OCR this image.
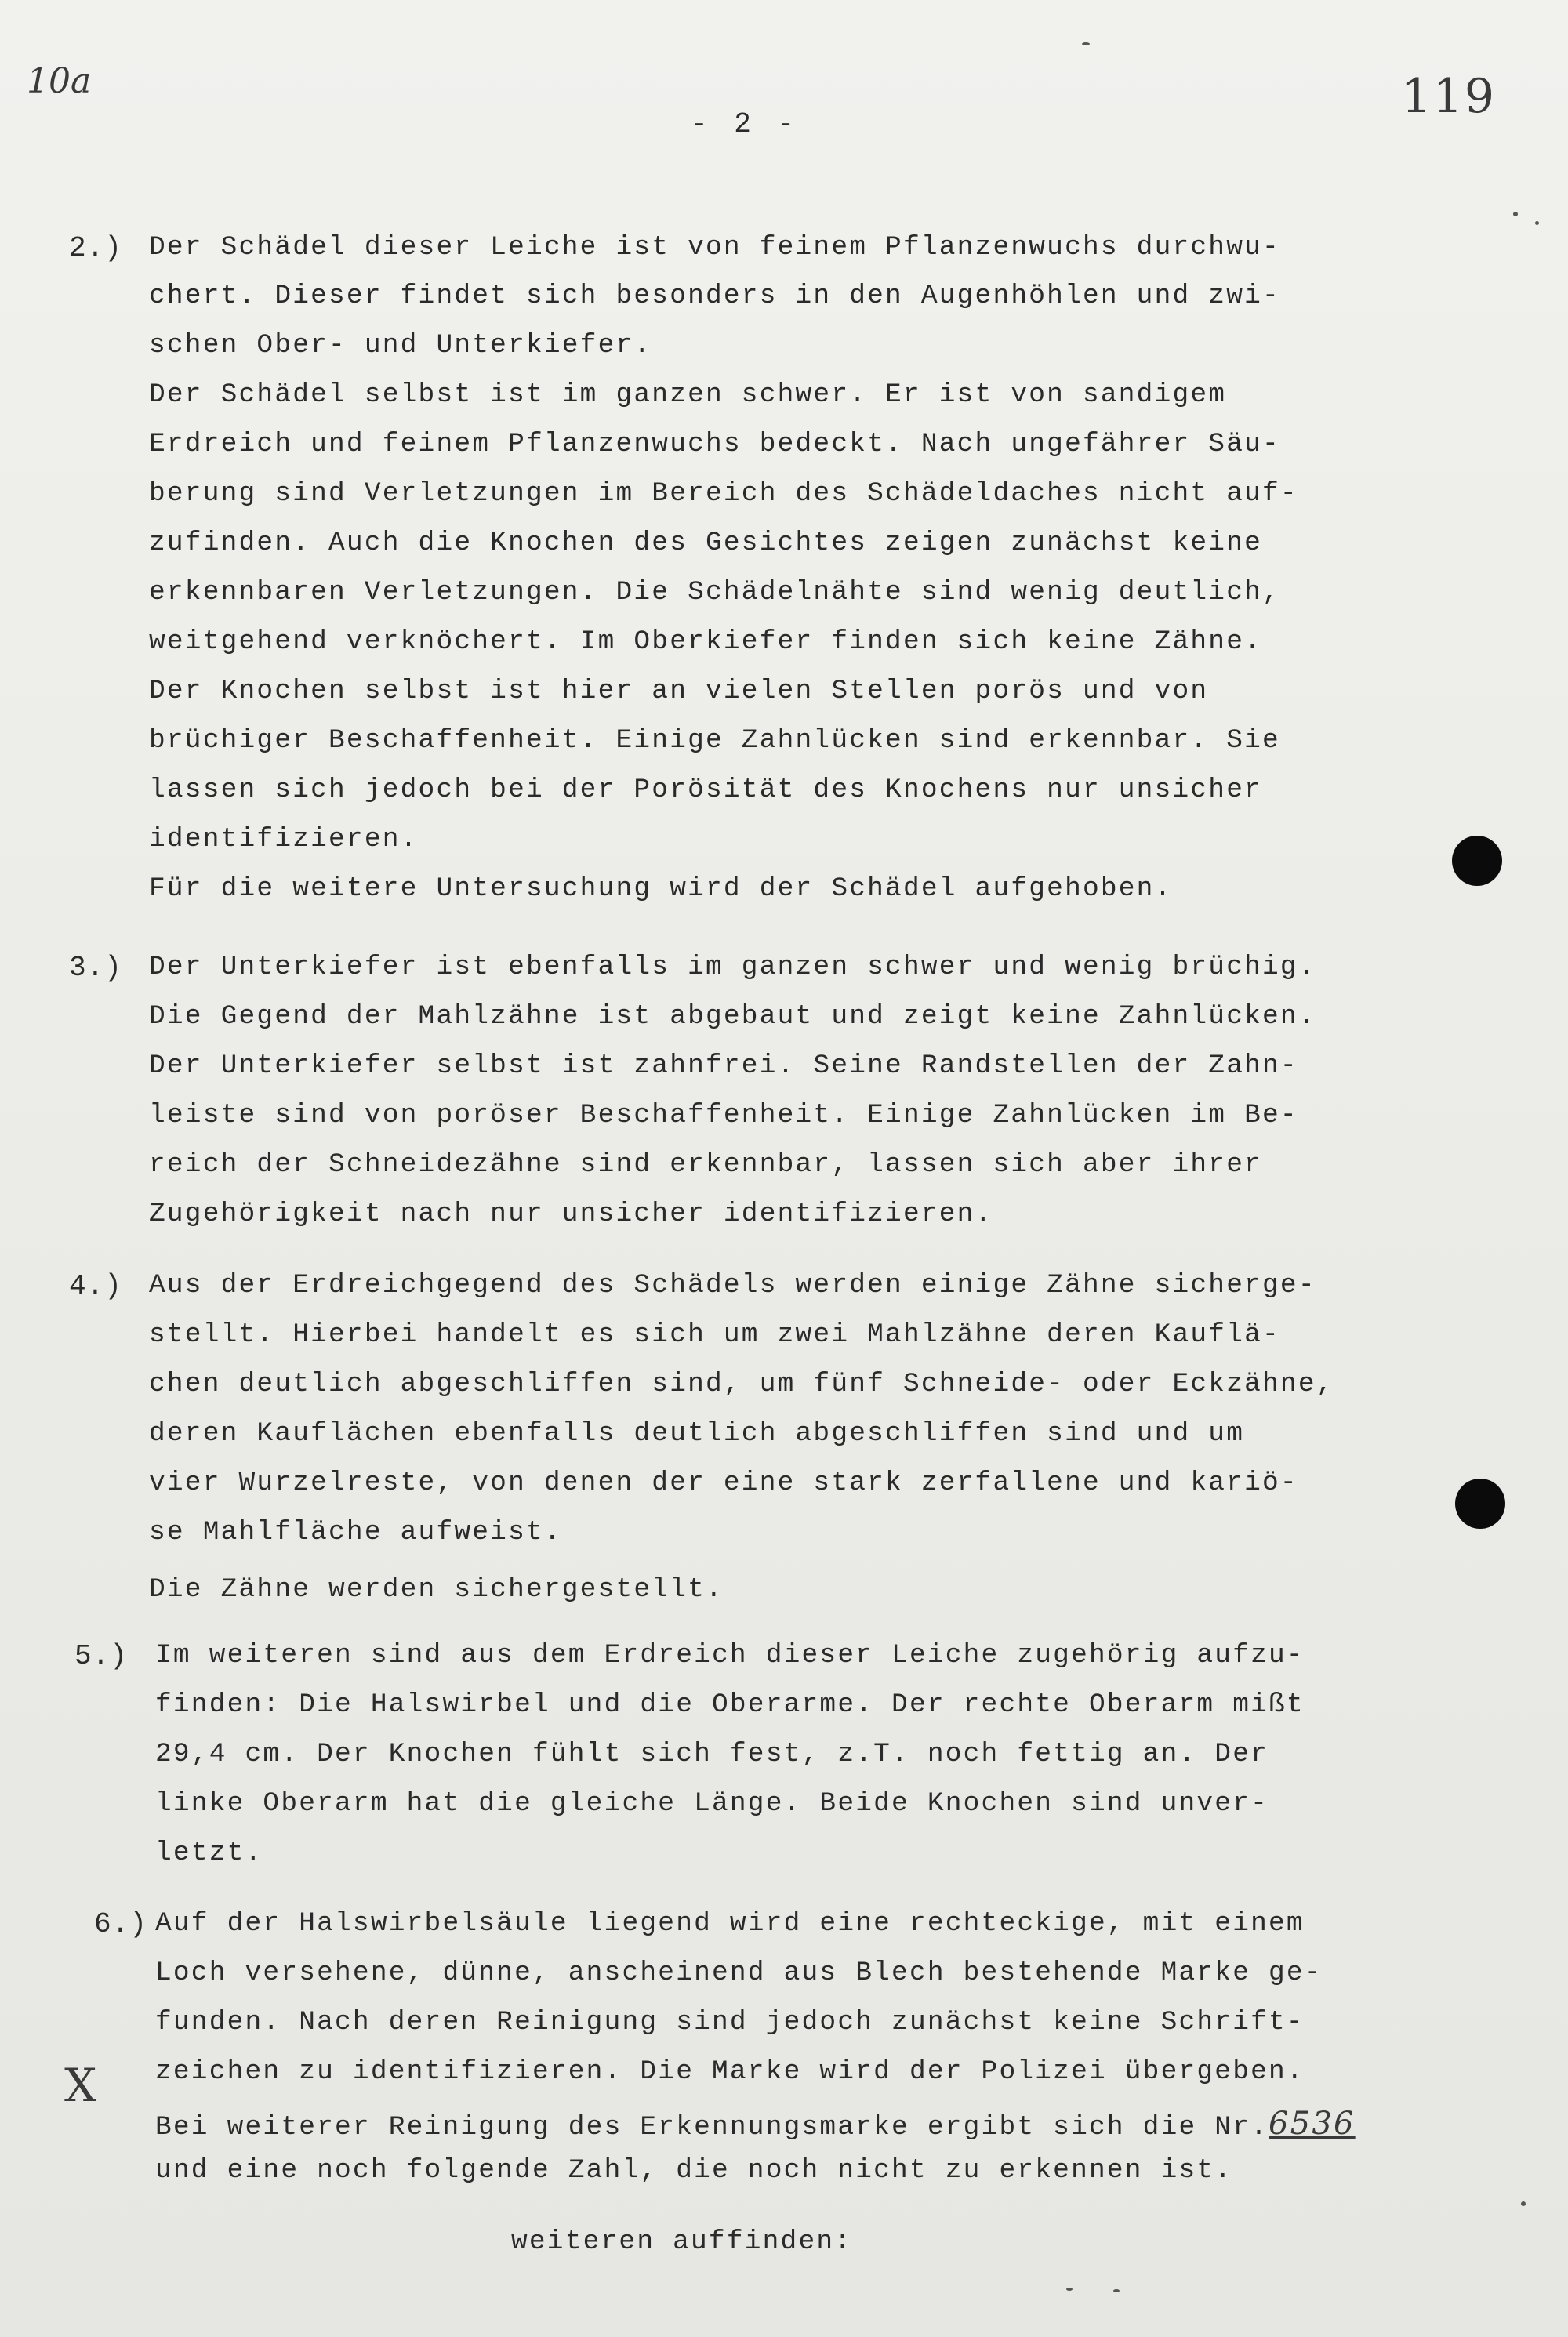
10a
- 2 -
119
2.) Der Schädel dieser Leiche ist von feinem Pflanzenwuchs durchwu-
chert. Dieser findet sich besonders in den Augenhöhlen und zwi-
schen Ober- und Unterkiefer.
Der Schädel selbst ist im ganzen schwer. Er ist von sandigem
Erdreich und feinem Pflanzenwuchs bedeckt. Nach ungefährer Säu-
berung sind Verletzungen im Bereich des Schädeldaches nicht auf-
zufinden. Auch die Knochen des Gesichtes zeigen zunächst keine
erkennbaren Verletzungen. Die Schädelnähte sind wenig deutlich,
weitgehend verknöchert. Im Oberkiefer finden sich keine Zähne.
Der Knochen selbst ist hier an vielen Stellen porös und von
brüchiger Beschaffenheit. Einige Zahnlücken sind erkennbar. Sie
lassen sich jedoch bei der Porösität des Knochens nur unsicher
identifizieren.
Für die weitere Untersuchung wird der Schädel aufgehoben.
3.) Der Unterkiefer ist ebenfalls im ganzen schwer und wenig brüchig.
Die Gegend der Mahlzähne ist abgebaut und zeigt keine Zahnlücken.
Der Unterkiefer selbst ist zahnfrei. Seine Randstellen der Zahn-
leiste sind von poröser Beschaffenheit. Einige Zahnlücken im Be-
reich der Schneidezähne sind erkennbar, lassen sich aber ihrer
Zugehörigkeit nach nur unsicher identifizieren.
4.) Aus der Erdreichgegend des Schädels werden einige Zähne sicherge-
stellt. Hierbei handelt es sich um zwei Mahlzähne deren Kauflä-
chen deutlich abgeschliffen sind, um fünf Schneide- oder Eckzähne,
deren Kauflächen ebenfalls deutlich abgeschliffen sind und um
vier Wurzelreste, von denen der eine stark zerfallene und kariö-
se Mahlfläche aufweist.
Die Zähne werden sichergestellt.
5.) Im weiteren sind aus dem Erdreich dieser Leiche zugehörig aufzu-
finden: Die Halswirbel und die Oberarme. Der rechte Oberarm mißt
29,4 cm. Der Knochen fühlt sich fest, z.T. noch fettig an. Der
linke Oberarm hat die gleiche Länge. Beide Knochen sind unver-
letzt.
6.) Auf der Halswirbelsäule liegend wird eine rechteckige, mit einem
Loch versehene, dünne, anscheinend aus Blech bestehende Marke ge-
funden. Nach deren Reinigung sind jedoch zunächst keine Schrift-
zeichen zu identifizieren. Die Marke wird der Polizei übergeben.
Bei weiterer Reinigung des Erkennungsmarke ergibt sich die Nr.6536
und eine noch folgende Zahl, die noch nicht zu erkennen ist.
weiteren auffinden:
X
